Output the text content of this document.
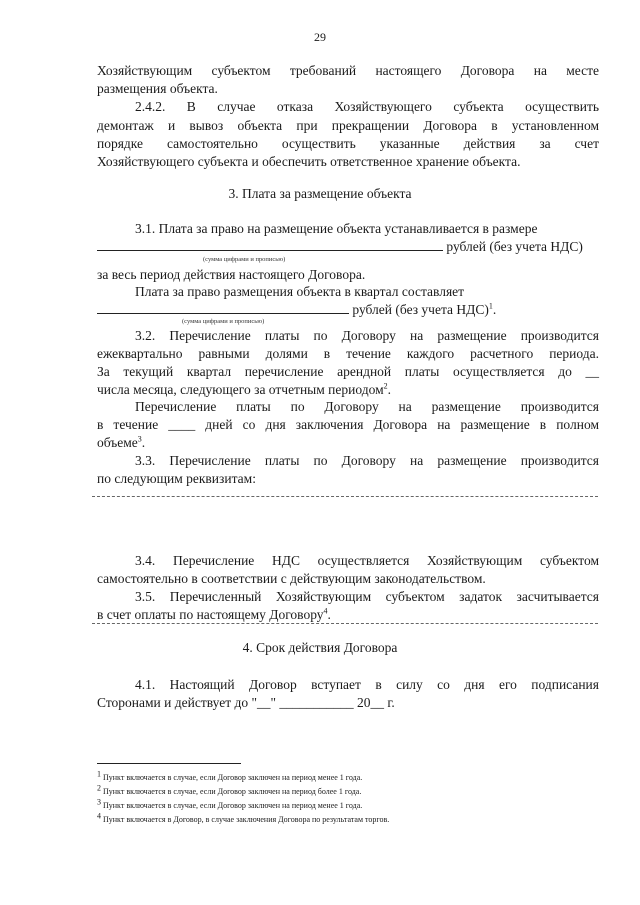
29
Хозяйствующим субъектом требований настоящего Договора на месте
размещения объекта.
2.4.2. В случае отказа Хозяйствующего субъекта осуществить
демонтаж и вывоз объекта при прекращении Договора в установленном
порядке самостоятельно осуществить указанные действия за счет
Хозяйствующего субъекта и обеспечить ответственное хранение объекта.
3. Плата за размещение объекта
3.1. Плата за право на размещение объекта устанавливается в размере
рублей (без учета НДС)
(сумма цифрами и прописью)
за весь период действия настоящего Договора.
Плата за право размещения объекта в квартал составляет
рублей (без учета НДС)$^1$.
(сумма цифрами и прописью)
3.2. Перечисление платы по Договору на размещение производится
ежеквартально равными долями в течение каждого расчетного периода.
За текущий квартал перечисление арендной платы осуществляется до __
числа месяца, следующего за отчетным периодом$^2$.
Перечисление платы по Договору на размещение производится
в течение ____ дней со дня заключения Договора на размещение в полном
объеме$^3$.
3.3. Перечисление платы по Договору на размещение производится
по следующим реквизитам:
3.4. Перечисление НДС осуществляется Хозяйствующим субъектом
самостоятельно в соответствии с действующим законодательством.
3.5. Перечисленный Хозяйствующим субъектом задаток засчитывается
в счет оплаты по настоящему Договору$^4$.
4. Срок действия Договора
4.1. Настоящий Договор вступает в силу со дня его подписания
Сторонами и действует до "__" ___________ 20__ г.
$^1$ Пункт включается в случае, если Договор заключен на период менее 1 года.
$^2$ Пункт включается в случае, если Договор заключен на период более 1 года.
$^3$ Пункт включается в случае, если Договор заключен на период менее 1 года.
$^4$ Пункт включается в Договор, в случае заключения Договора по результатам торгов.
